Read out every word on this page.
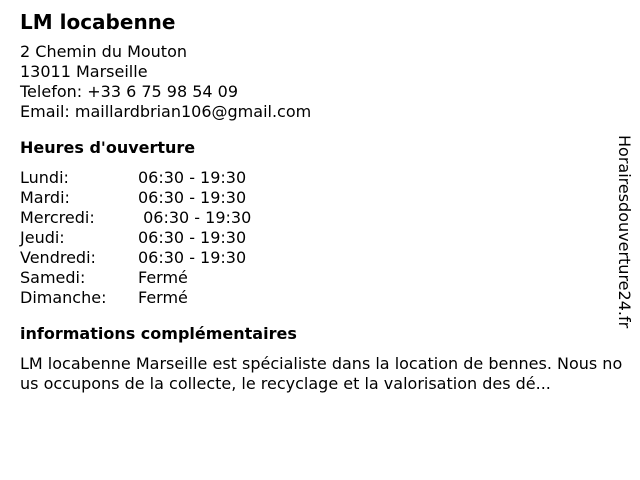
LM locabenne
2 Chemin du Mouton
13011 Marseille
Telefon: +33 6 75 98 54 09
Email: maillardbrian106@gmail.com
Heures d'ouverture
Lundi:	06:30 - 19:30
Mardi:	06:30 - 19:30
Mercredi:	06:30 - 19:30
Jeudi:	06:30 - 19:30
Vendredi:	06:30 - 19:30
Samedi:	Fermé
Dimanche:	Fermé
informations complémentaires
LM locabenne Marseille est spécialiste dans la location de bennes. Nous nous occupons de la collecte, le recyclage et la valorisation des dé...
Horairesdouverture24.fr
